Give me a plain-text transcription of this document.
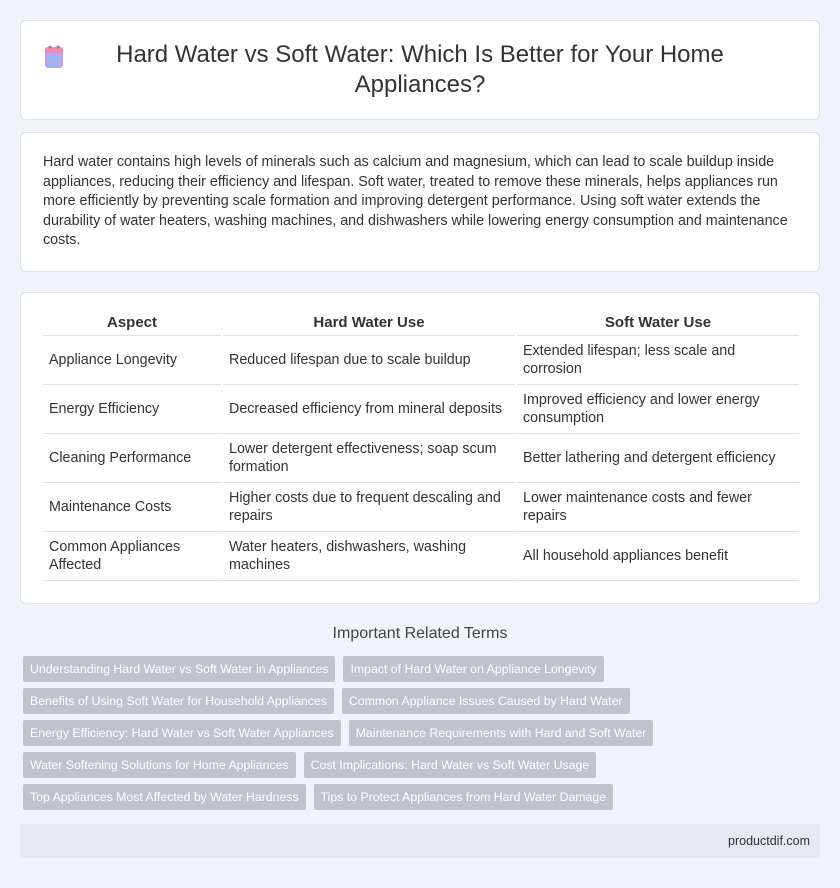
Hard Water vs Soft Water: Which Is Better for Your Home Appliances?

Hard water contains high levels of minerals such as calcium and magnesium, which can lead to scale buildup inside appliances, reducing their efficiency and lifespan. Soft water, treated to remove these minerals, helps appliances run more efficiently by preventing scale formation and improving detergent performance. Using soft water extends the durability of water heaters, washing machines, and dishwashers while lowering energy consumption and maintenance costs.

Aspect	Hard Water Use	Soft Water Use
Appliance Longevity	Reduced lifespan due to scale buildup	Extended lifespan; less scale and corrosion
Energy Efficiency	Decreased efficiency from mineral deposits	Improved efficiency and lower energy consumption
Cleaning Performance	Lower detergent effectiveness; soap scum formation	Better lathering and detergent efficiency
Maintenance Costs	Higher costs due to frequent descaling and repairs	Lower maintenance costs and fewer repairs
Common Appliances Affected	Water heaters, dishwashers, washing machines	All household appliances benefit
Important Related Terms
Understanding Hard Water vs Soft Water in Appliances	Impact of Hard Water on Appliance Longevity
Benefits of Using Soft Water for Household Appliances	Common Appliance Issues Caused by Hard Water
Energy Efficiency: Hard Water vs Soft Water Appliances	Maintenance Requirements with Hard and Soft Water
Water Softening Solutions for Home Appliances	Cost Implications: Hard Water vs Soft Water Usage
Top Appliances Most Affected by Water Hardness	Tips to Protect Appliances from Hard Water Damage
productdif.com
